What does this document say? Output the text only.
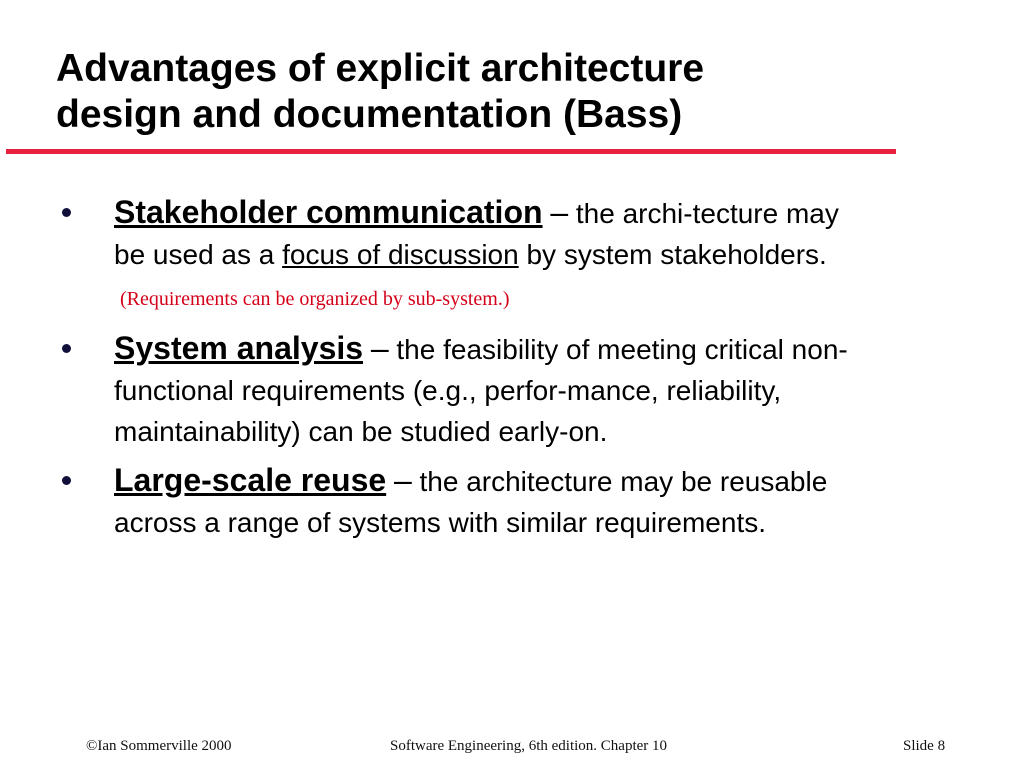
Advantages of explicit architecture
design and documentation (Bass)
Stakeholder communication – the archi-tecture may be used as a focus of discussion by system stakeholders. (Requirements can be organized by sub-system.)
System analysis – the feasibility of meeting critical non-functional requirements (e.g., perfor-mance, reliability, maintainability) can be studied early-on.
Large-scale reuse – the architecture may be reusable across a range of systems with similar requirements.
©Ian Sommerville 2000	Software Engineering, 6th edition. Chapter 10	Slide 8
